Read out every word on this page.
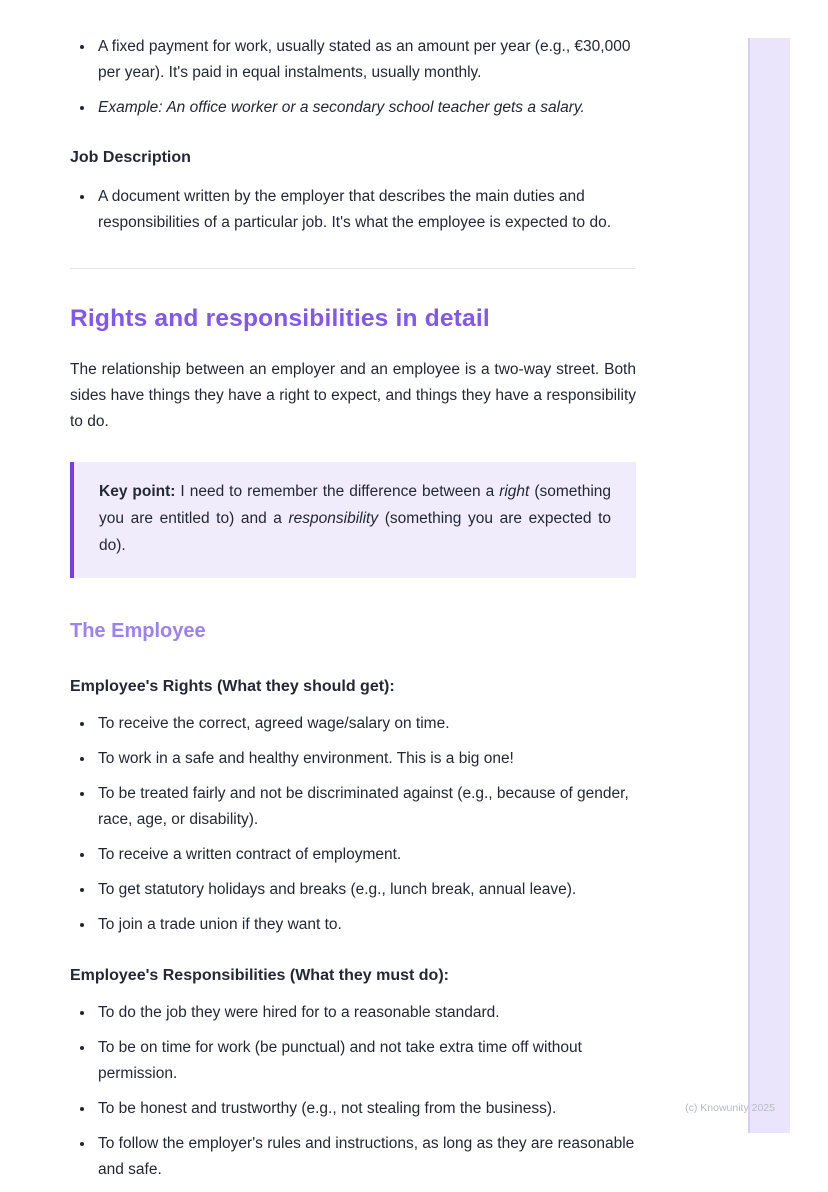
• A fixed payment for work, usually stated as an amount per year (e.g., €30,000 per year). It's paid in equal instalments, usually monthly.
• Example: An office worker or a secondary school teacher gets a salary.
Job Description
• A document written by the employer that describes the main duties and responsibilities of a particular job. It's what the employee is expected to do.
Rights and responsibilities in detail

The relationship between an employer and an employee is a two-way street. Both sides have things they have a right to expect, and things they have a responsibility to do.

Key point: I need to remember the difference between a right (something you are entitled to) and a responsibility (something you are expected to do).
The Employee
Employee's Rights (What they should get):
• To receive the correct, agreed wage/salary on time.
• To work in a safe and healthy environment. This is a big one!
• To be treated fairly and not be discriminated against (e.g., because of gender, race, age, or disability).
• To receive a written contract of employment.
• To get statutory holidays and breaks (e.g., lunch break, annual leave).
• To join a trade union if they want to.
Employee's Responsibilities (What they must do):
• To do the job they were hired for to a reasonable standard.
• To be on time for work (be punctual) and not take extra time off without permission.
• To be honest and trustworthy (e.g., not stealing from the business).
• To follow the employer's rules and instructions, as long as they are reasonable and safe.
(c) Knowunity 2025
